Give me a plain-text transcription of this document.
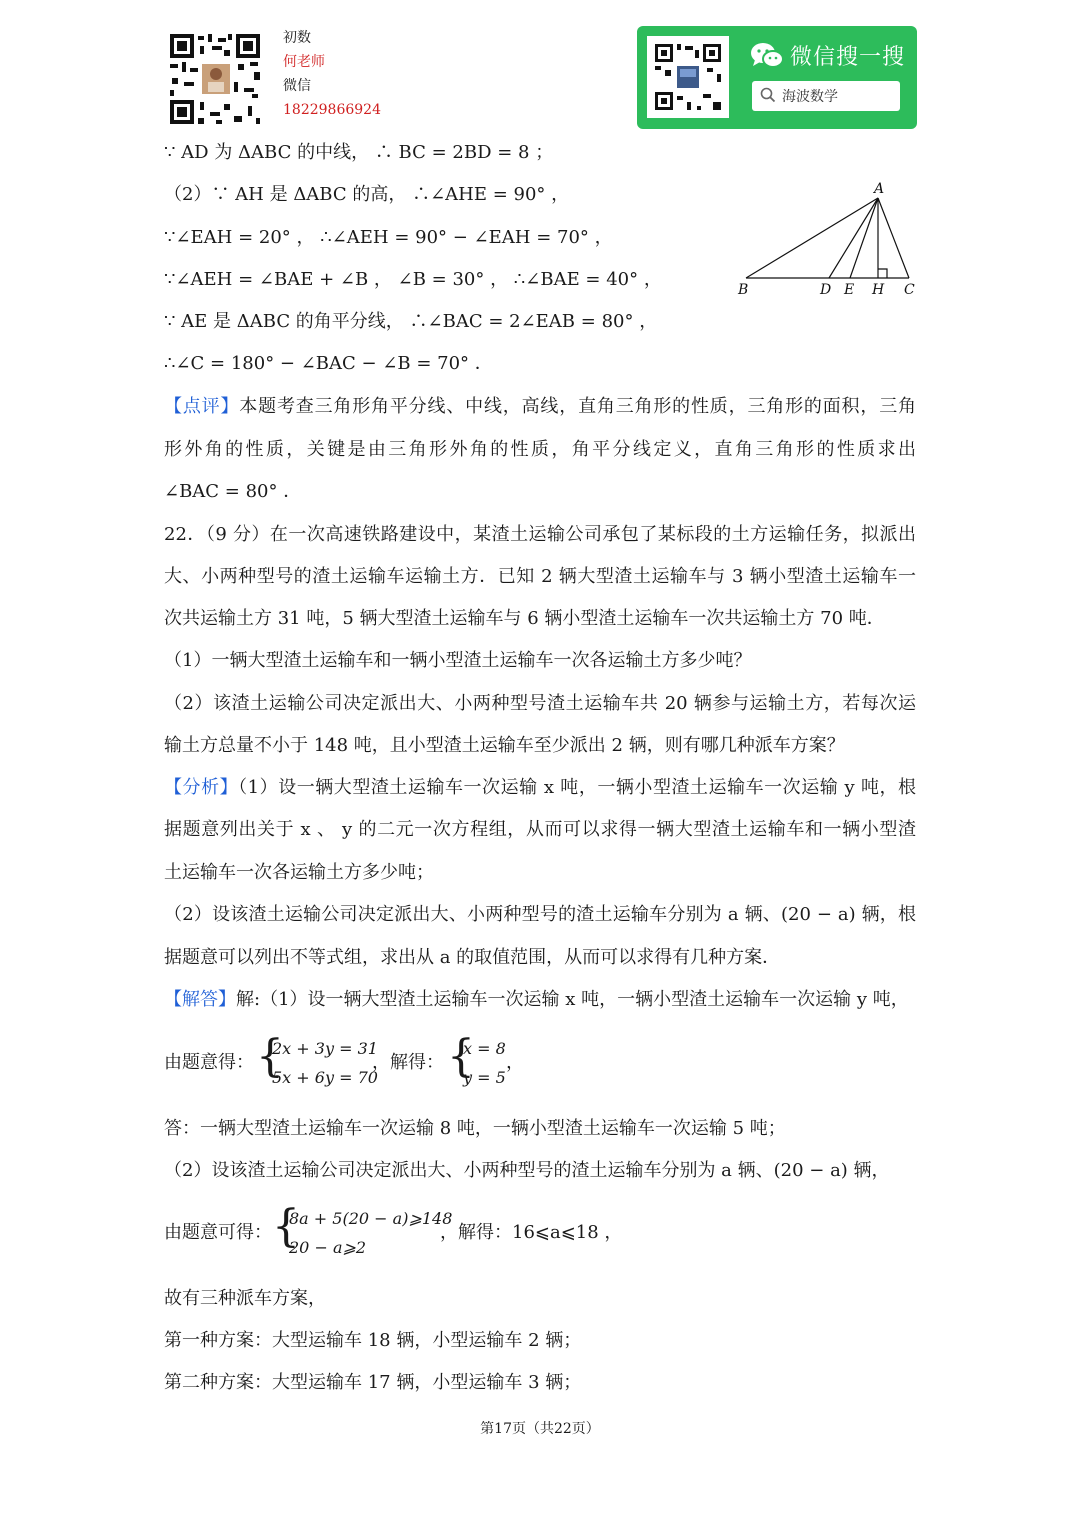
初数
何老师
微信
18229866924
微信搜一搜
海波数学
A
B	D E H C
∵ AD 为 ΔABC 的中线， ∴ BC = 2BD = 8 ；
（2）∵ AH 是 ΔABC 的高， ∴∠AHE = 90° ，
∵∠EAH = 20° ， ∴∠AEH = 90° − ∠EAH = 70° ，
∵∠AEH = ∠BAE + ∠B ， ∠B = 30° ， ∴∠BAE = 40° ，
∵ AE 是 ΔABC 的角平分线， ∴∠BAC = 2∠EAB = 80° ，
∴∠C = 180° − ∠BAC − ∠B = 70° ．
【点评】本题考查三角形角平分线、中线，高线，直角三角形的性质，三角形的面积，三角
形外角的性质，关键是由三角形外角的性质，角平分线定义，直角三角形的性质求出
∠BAC = 80° ．
22．（9 分）在一次高速铁路建设中，某渣土运输公司承包了某标段的土方运输任务，拟派出
大、小两种型号的渣土运输车运输土方．已知 2 辆大型渣土运输车与 3 辆小型渣土运输车一
次共运输土方 31 吨，5 辆大型渣土运输车与 6 辆小型渣土运输车一次共运输土方 70 吨．
（1）一辆大型渣土运输车和一辆小型渣土运输车一次各运输土方多少吨？
（2）该渣土运输公司决定派出大、小两种型号渣土运输车共 20 辆参与运输土方，若每次运
输土方总量不小于 148 吨，且小型渣土运输车至少派出 2 辆，则有哪几种派车方案？
【分析】（1）设一辆大型渣土运输车一次运输 x 吨，一辆小型渣土运输车一次运输 y 吨，根
据题意列出关于 x 、 y 的二元一次方程组，从而可以求得一辆大型渣土运输车和一辆小型渣
土运输车一次各运输土方多少吨；
（2）设该渣土运输公司决定派出大、小两种型号的渣土运输车分别为 a 辆、(20 − a) 辆，根
据题意可以列出不等式组，求出从 a 的取值范围，从而可以求得有几种方案．
【解答】解:（1）设一辆大型渣土运输车一次运输 x 吨，一辆小型渣土运输车一次运输 y 吨，
由题意得： {
2x + 3y = 31
5x + 6y = 70
，解得： {
x = 8
y = 5
，
答：一辆大型渣土运输车一次运输 8 吨，一辆小型渣土运输车一次运输 5 吨；
（2）设该渣土运输公司决定派出大、小两种型号的渣土运输车分别为 a 辆、(20 − a) 辆，
由题意可得： {
8a + 5(20 − a)⩾148
20 − a⩾2
，解得：16⩽a⩽18 ，
故有三种派车方案，
第一种方案：大型运输车 18 辆，小型运输车 2 辆；
第二种方案：大型运输车 17 辆，小型运输车 3 辆；
第17页（共22页）
